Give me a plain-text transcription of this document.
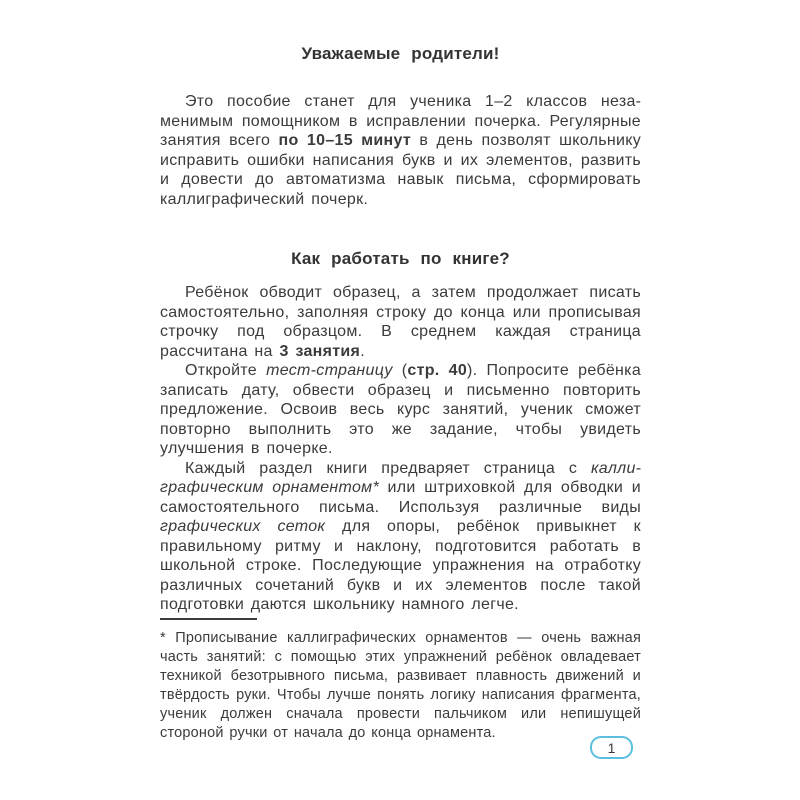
Уважаемые родители!

Это пособие станет для ученика 1–2 классов незаменимым помощником в исправлении почерка. Регулярные занятия всего по 10–15 минут в день позволят школьнику исправить ошибки написания букв и их элементов, развить и довести до автоматизма навык письма, сформировать каллиграфический почерк.

Как работать по книге?

Ребёнок обводит образец, а затем продолжает писать самостоятельно, заполняя строку до конца или прописывая строчку под образцом. В среднем каждая страница рассчитана на 3 занятия.

Откройте тест-страницу (стр. 40). Попросите ребёнка записать дату, обвести образец и письменно повторить предложение. Освоив весь курс занятий, ученик сможет повторно выполнить это же задание, чтобы увидеть улучшения в почерке.

Каждый раздел книги предваряет страница с каллиграфическим орнаментом* или штриховкой для обводки и самостоятельного письма. Используя различные виды графических сеток для опоры, ребёнок привыкнет к правильному ритму и наклону, подготовится работать в школьной строке. Последующие упражнения на отработку различных сочетаний букв и их элементов после такой подготовки даются школьнику намного легче.

* Прописывание каллиграфических орнаментов — очень важная часть занятий: с помощью этих упражнений ребёнок овладевает техникой безотрывного письма, развивает плавность движений и твёрдость руки. Чтобы лучше понять логику написания фрагмента, ученик должен сначала провести пальчиком или непишущей стороной ручки от начала до конца орнамента.

1
